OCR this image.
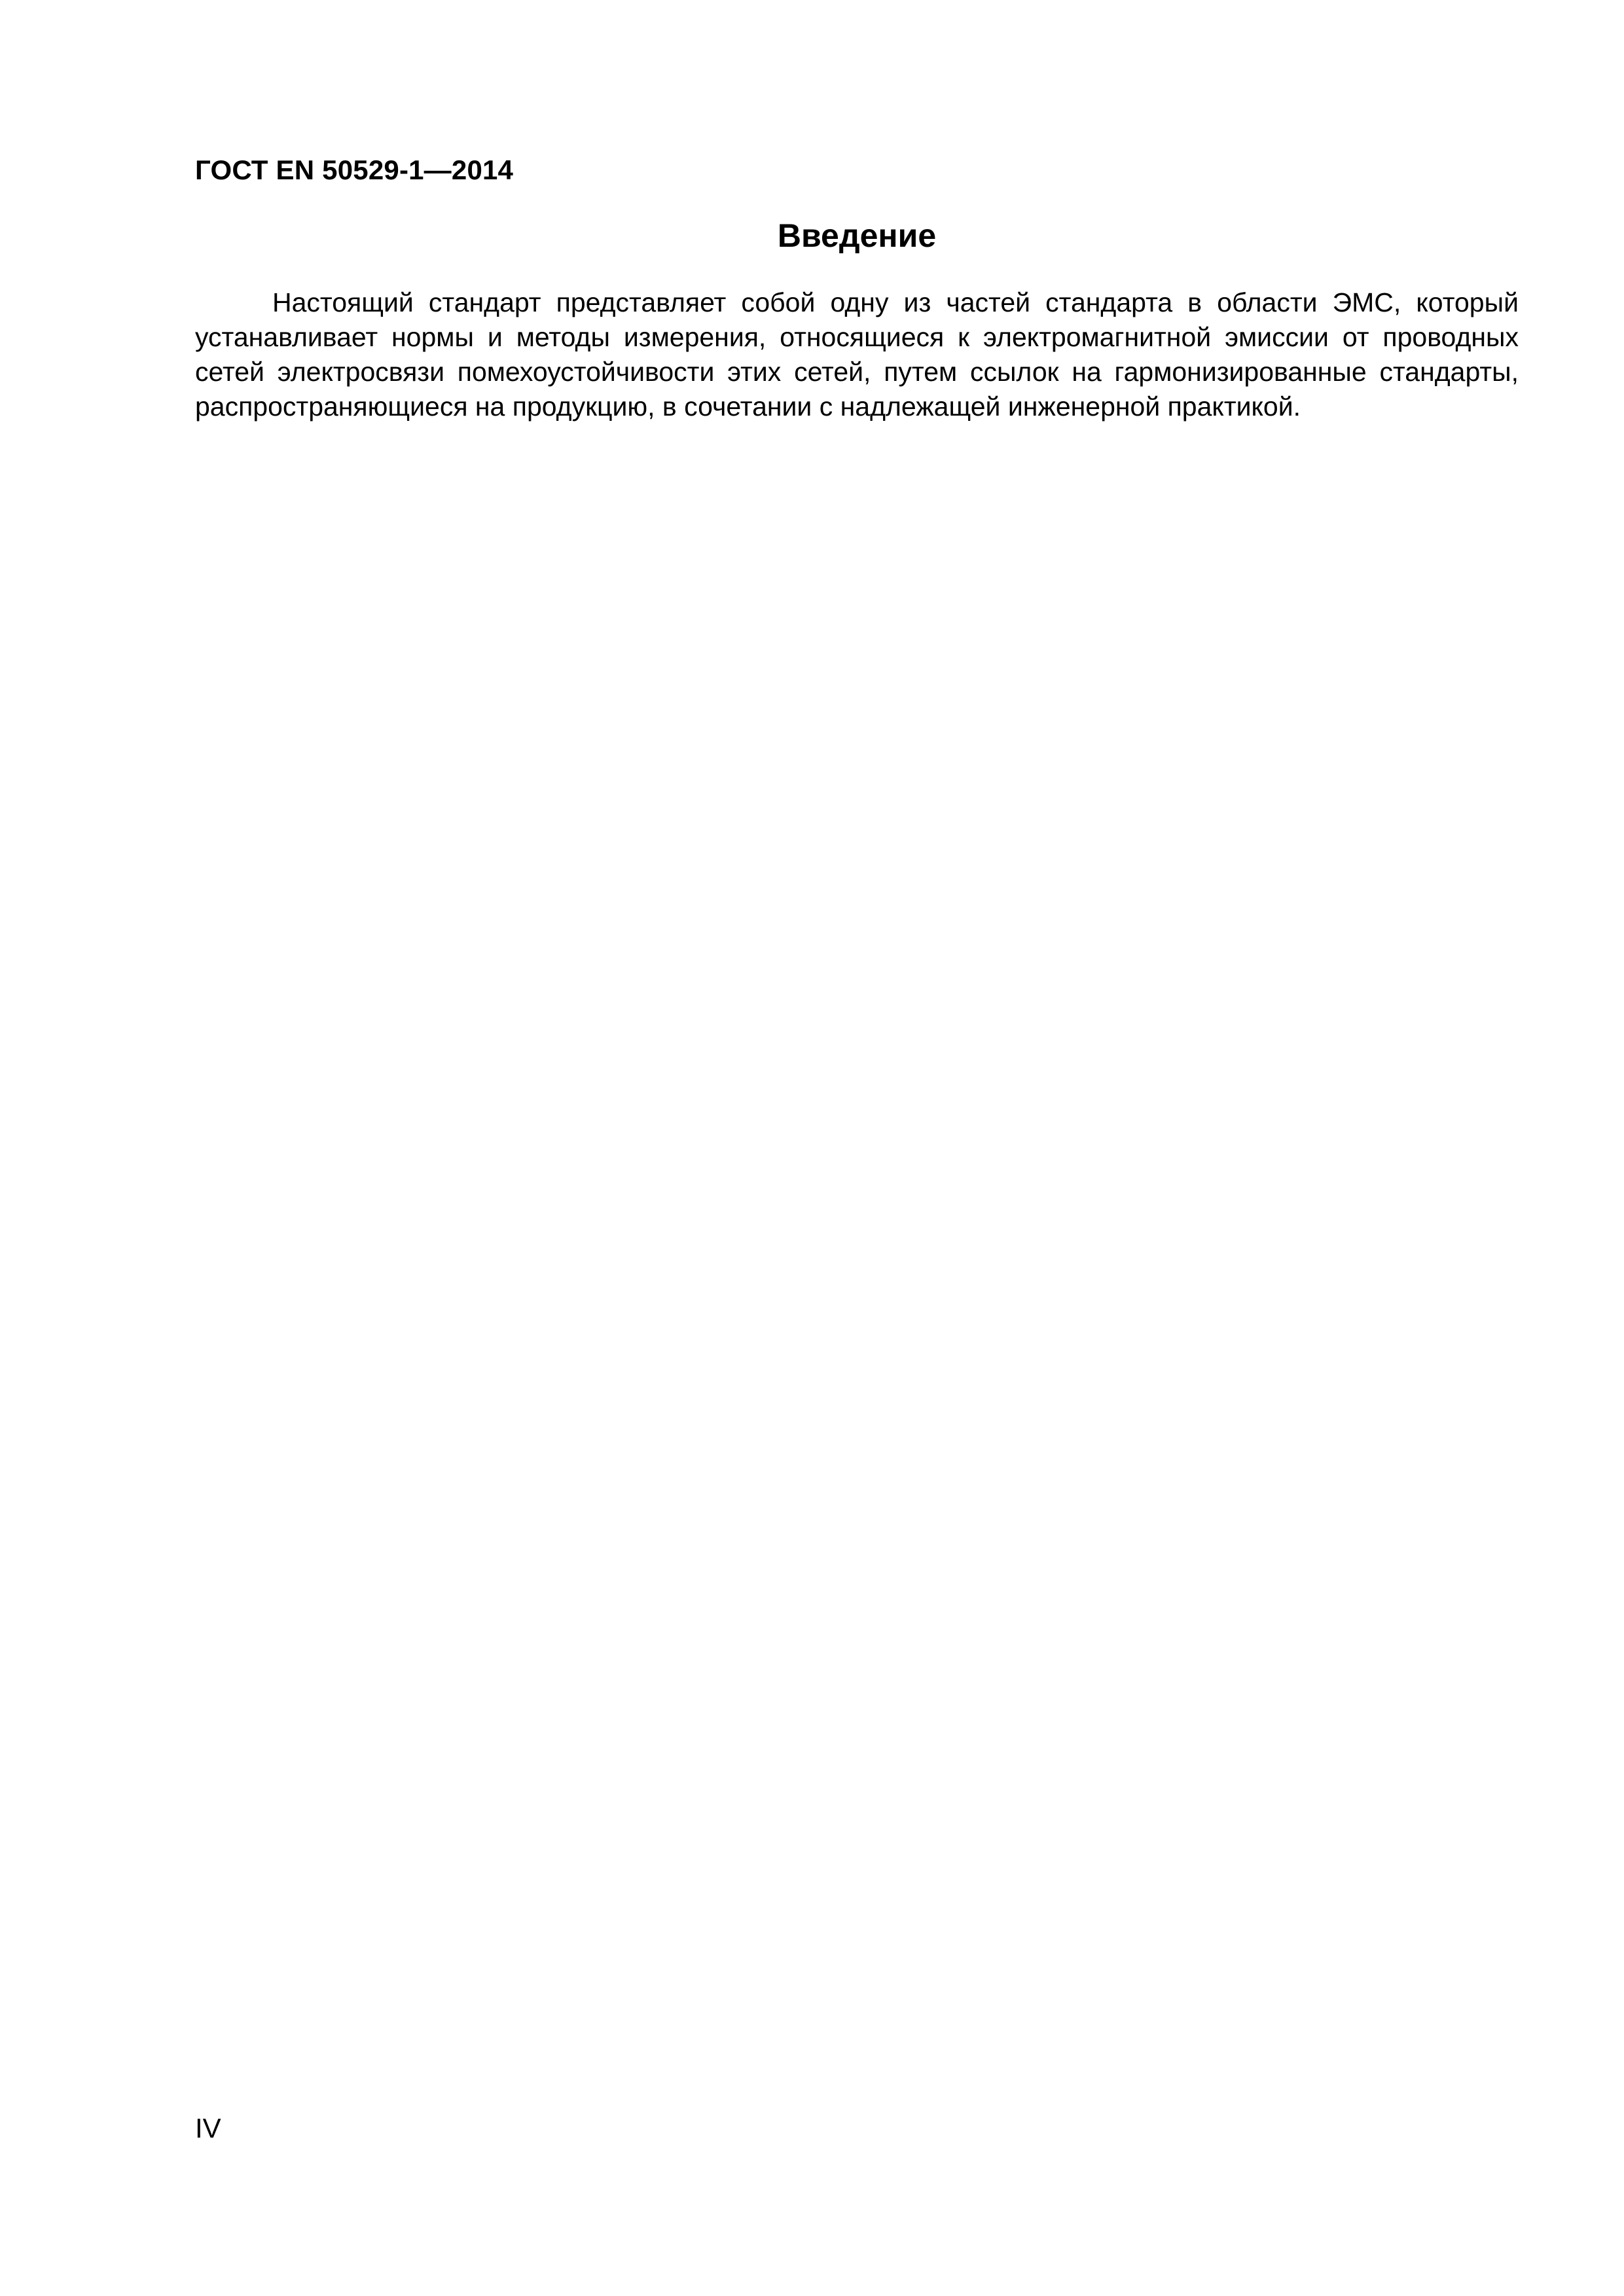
ГОСТ EN 50529-1—2014
Введение

Настоящий стандарт представляет собой одну из частей стандарта в области ЭМС, который устанавливает нормы и методы измерения, относящиеся к электромагнитной эмиссии от проводных сетей электросвязи помехоустойчивости этих сетей, путем ссылок на гармонизированные стандарты, распространяющиеся на продукцию, в сочетании с надлежащей инженерной практикой.

IV
